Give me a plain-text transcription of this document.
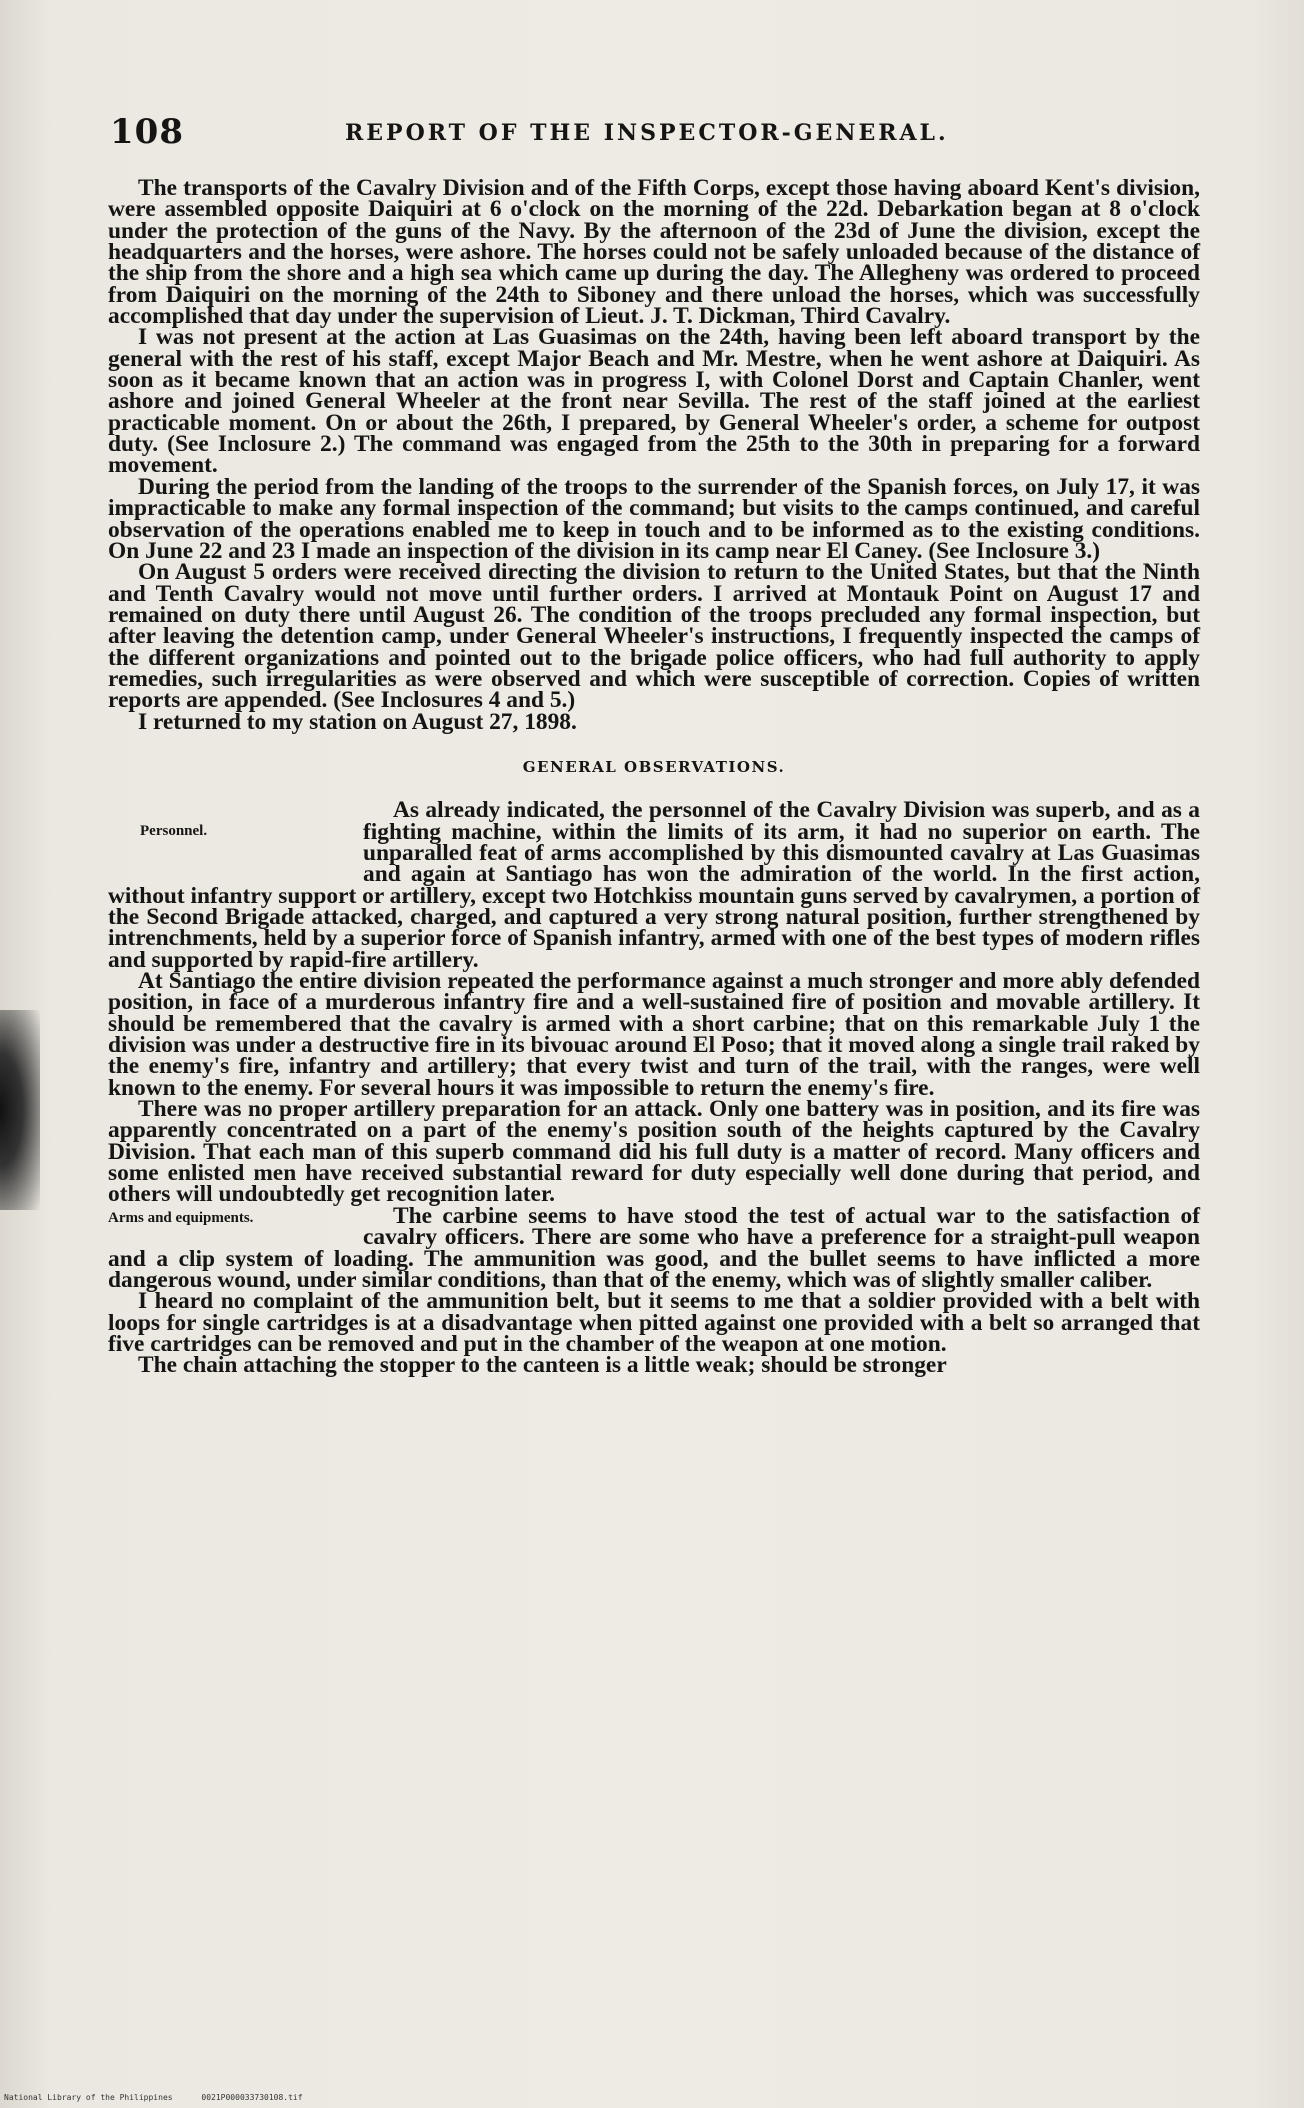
108	REPORT OF THE INSPECTOR-GENERAL.

The transports of the Cavalry Division and of the Fifth Corps, except those having aboard Kent's division, were assembled opposite Daiquiri at 6 o'clock on the morning of the 22d. Debarkation began at 8 o'clock under the protection of the guns of the Navy. By the afternoon of the 23d of June the division, except the headquarters and the horses, were ashore. The horses could not be safely unloaded because of the distance of the ship from the shore and a high sea which came up during the day. The Allegheny was ordered to proceed from Daiquiri on the morning of the 24th to Siboney and there unload the horses, which was successfully accomplished that day under the supervision of Lieut. J. T. Dickman, Third Cavalry.

I was not present at the action at Las Guasimas on the 24th, having been left aboard transport by the general with the rest of his staff, except Major Beach and Mr. Mestre, when he went ashore at Daiquiri. As soon as it became known that an action was in progress I, with Colonel Dorst and Captain Chanler, went ashore and joined General Wheeler at the front near Sevilla. The rest of the staff joined at the earliest practicable moment. On or about the 26th, I prepared, by General Wheeler's order, a scheme for outpost duty. (See Inclosure 2.) The command was engaged from the 25th to the 30th in preparing for a forward movement.

During the period from the landing of the troops to the surrender of the Spanish forces, on July 17, it was impracticable to make any formal inspection of the command; but visits to the camps continued, and careful observation of the operations enabled me to keep in touch and to be informed as to the existing conditions. On June 22 and 23 I made an inspection of the division in its camp near El Caney. (See Inclosure 3.)

On August 5 orders were received directing the division to return to the United States, but that the Ninth and Tenth Cavalry would not move until further orders. I arrived at Montauk Point on August 17 and remained on duty there until August 26. The condition of the troops precluded any formal inspection, but after leaving the detention camp, under General Wheeler's instructions, I frequently inspected the camps of the different organizations and pointed out to the brigade police officers, who had full authority to apply remedies, such irregularities as were observed and which were susceptible of correction. Copies of written reports are appended. (See Inclosures 4 and 5.)

I returned to my station on August 27, 1898.

GENERAL OBSERVATIONS.
Personnel.

As already indicated, the personnel of the Cavalry Division was superb, and as a fighting machine, within the limits of its arm, it had no superior on earth. The unparalled feat of arms accomplished by this dismounted cavalry at Las Guasimas and again at Santiago has won the admiration of the world. In the first action, without infantry support or artillery, except two Hotchkiss mountain guns served by cavalrymen, a portion of the Second Brigade attacked, charged, and captured a very strong natural position, further strengthened by intrenchments, held by a superior force of Spanish infantry, armed with one of the best types of modern rifles and supported by rapid-fire artillery.

At Santiago the entire division repeated the performance against a much stronger and more ably defended position, in face of a murderous infantry fire and a well-sustained fire of position and movable artillery. It should be remembered that the cavalry is armed with a short carbine; that on this remarkable July 1 the division was under a destructive fire in its bivouac around El Poso; that it moved along a single trail raked by the enemy's fire, infantry and artillery; that every twist and turn of the trail, with the ranges, were well known to the enemy. For several hours it was impossible to return the enemy's fire.

There was no proper artillery preparation for an attack. Only one battery was in position, and its fire was apparently concentrated on a part of the enemy's position south of the heights captured by the Cavalry Division. That each man of this superb command did his full duty is a matter of record. Many officers and some enlisted men have received substantial reward for duty especially well done during that period, and others will undoubtedly get recognition later.

Arms and equipments.	The carbine seems to have stood the test of actual war to the satisfaction of cavalry officers. There are some who have a preference for a straight-pull weapon and a clip system of loading. The ammunition was good, and the bullet seems to have inflicted a more dangerous wound, under similar conditions, than that of the enemy, which was of slightly smaller caliber.

I heard no complaint of the ammunition belt, but it seems to me that a soldier provided with a belt with loops for single cartridges is at a disadvantage when pitted against one provided with a belt so arranged that five cartridges can be removed and put in the chamber of the weapon at one motion.

The chain attaching the stopper to the canteen is a little weak; should be stronger

National Library of the Philippines	0021P000033730108.tif
